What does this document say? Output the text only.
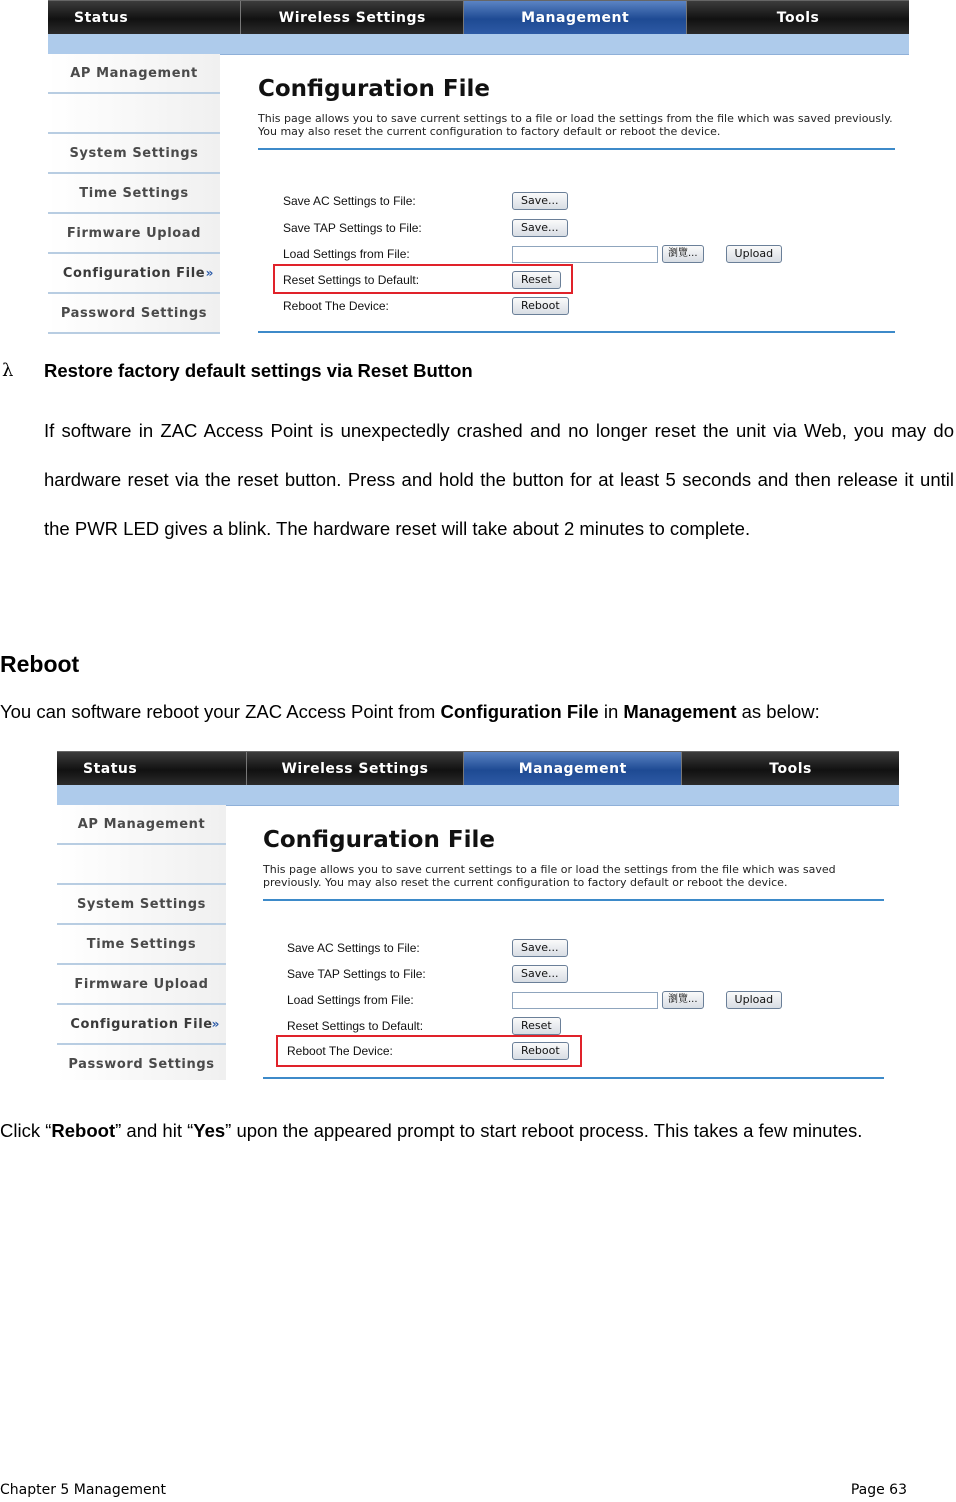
Status	Wireless Settings	Management	Tools
AP Management
System Settings
Time Settings
Firmware Upload
Configuration File »
Password Settings
Configuration File
This page allows you to save current settings to a file or load the settings from the file which was saved previously. You may also reset the current configuration to factory default or reboot the device.
Save AC Settings to File:	Save...
Save TAP Settings to File:	Save...
Load Settings from File:	瀏覽...	Upload
Reset Settings to Default:	Reset
Reboot The Device:	Reboot
λ Restore factory default settings via Reset Button
If software in ZAC Access Point is unexpectedly crashed and no longer reset the unit via Web, you may do hardware reset via the reset button. Press and hold the button for at least 5 seconds and then release it until the PWR LED gives a blink. The hardware reset will take about 2 minutes to complete.
Reboot
You can software reboot your ZAC Access Point from Configuration File in Management as below:
Status	Wireless Settings	Management	Tools
AP Management
System Settings
Time Settings
Firmware Upload
Configuration File
»
Password Settings
Configuration File
This page allows you to save current settings to a file or load the settings from the file which was saved previously. You may also reset the current configuration to factory default or reboot the device.
Save AC Settings to File:	Save...
Save TAP Settings to File:	Save...
Load Settings from File:	瀏覽...	Upload
Reset Settings to Default:	Reset
Reboot The Device:	Reboot
Click “Reboot” and hit “Yes” upon the appeared prompt to start reboot process. This takes a few minutes.
Chapter 5 Management	Page 63
